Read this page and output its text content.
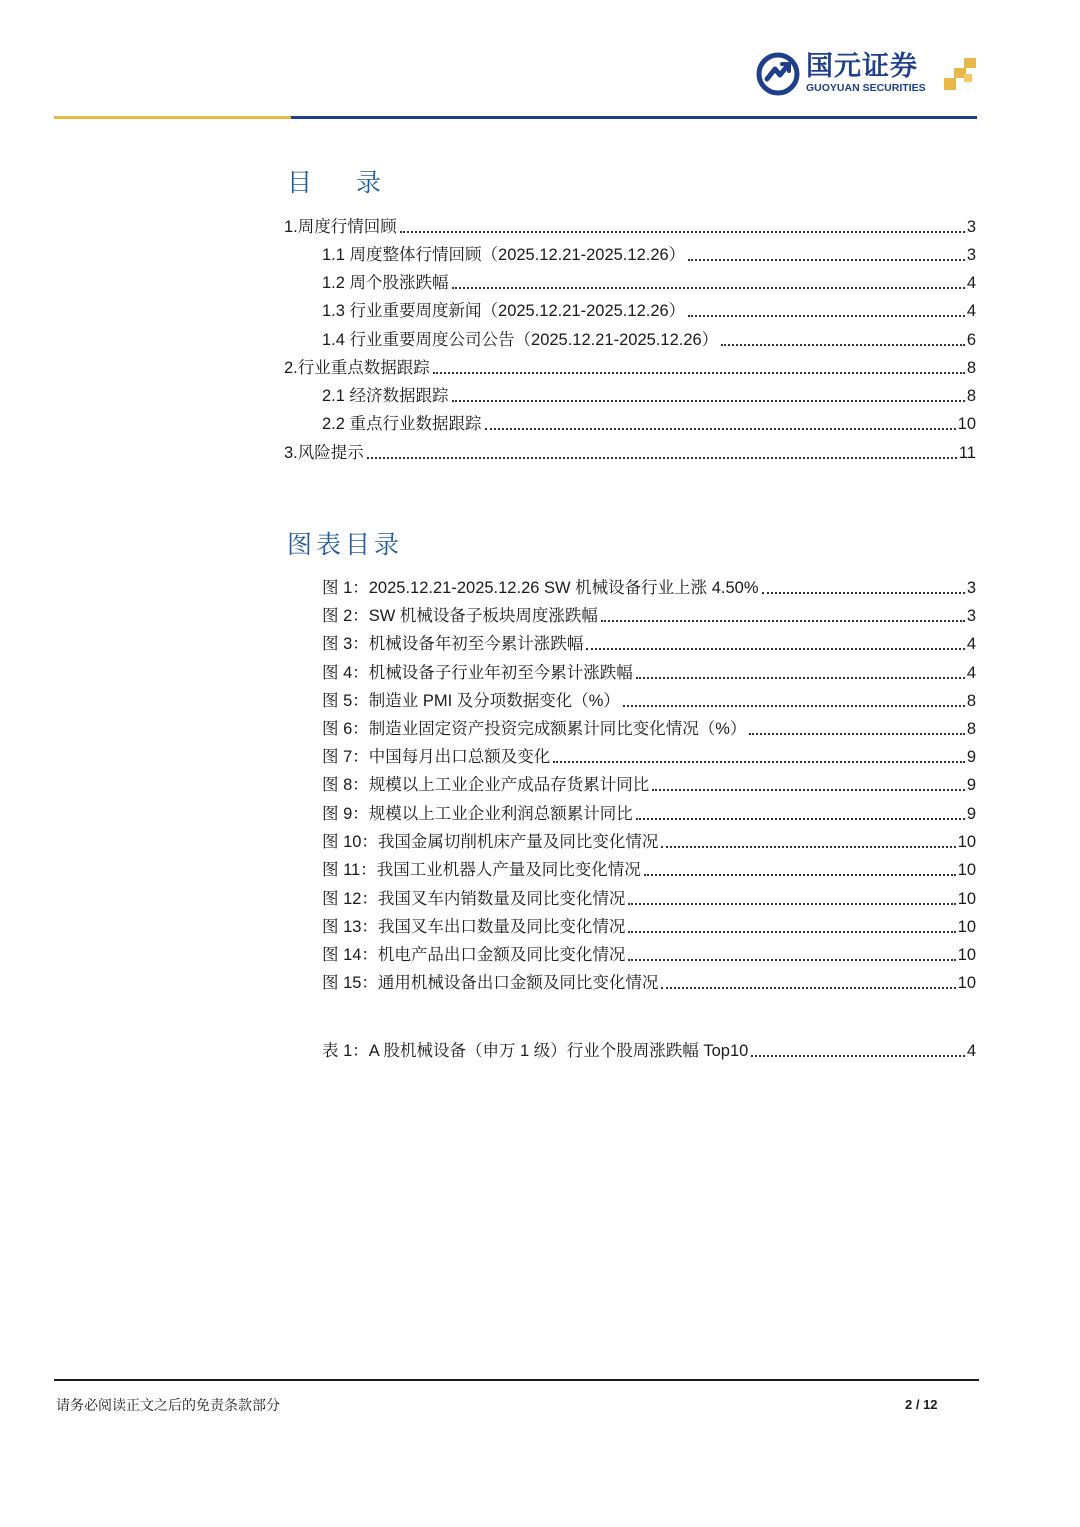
国元证券
GUOYUAN SECURITIES
目 录
1.周度行情回顾	3
1.1 周度整体行情回顾（2025.12.21-2025.12.26）	3
1.2 周个股涨跌幅	4
1.3 行业重要周度新闻（2025.12.21-2025.12.26）	4
1.4 行业重要周度公司公告（2025.12.21-2025.12.26）	6
2.行业重点数据跟踪	8
2.1 经济数据跟踪	8
2.2 重点行业数据跟踪	10
3.风险提示	11
图表目录
图 1：2025.12.21-2025.12.26 SW 机械设备行业上涨 4.50%	3
图 2：SW 机械设备子板块周度涨跌幅	3
图 3：机械设备年初至今累计涨跌幅	4
图 4：机械设备子行业年初至今累计涨跌幅	4
图 5：制造业 PMI 及分项数据变化（%）	8
图 6：制造业固定资产投资完成额累计同比变化情况（%）	8
图 7：中国每月出口总额及变化	9
图 8：规模以上工业企业产成品存货累计同比	9
图 9：规模以上工业企业利润总额累计同比	9
图 10：我国金属切削机床产量及同比变化情况	10
图 11：我国工业机器人产量及同比变化情况	10
图 12：我国叉车内销数量及同比变化情况	10
图 13：我国叉车出口数量及同比变化情况	10
图 14：机电产品出口金额及同比变化情况	10
图 15：通用机械设备出口金额及同比变化情况	10
表 1：A 股机械设备（申万 1 级）行业个股周涨跌幅 Top10	4
请务必阅读正文之后的免责条款部分	2 / 12
